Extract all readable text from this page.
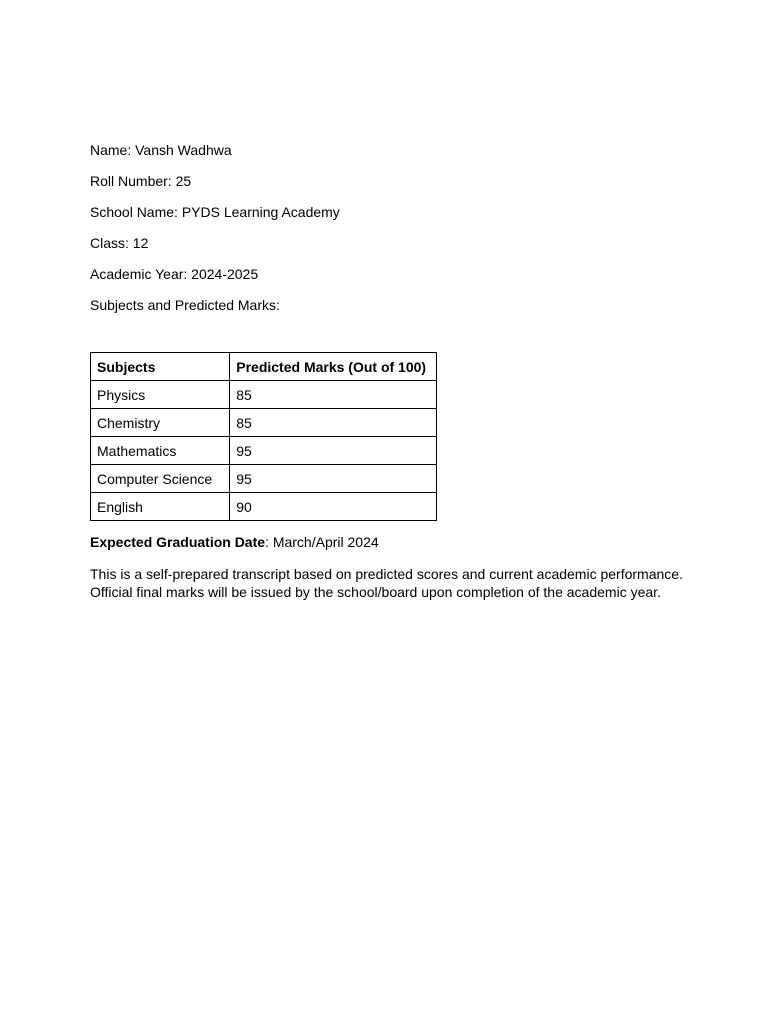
Name: Vansh Wadhwa

Roll Number: 25

School Name: PYDS Learning Academy

Class: 12

Academic Year: 2024-2025

Subjects and Predicted Marks:

Subjects	Predicted Marks (Out of 100)
Physics	85
Chemistry	85
Mathematics	95
Computer Science	95
English	90

Expected Graduation Date: March/April 2024

This is a self-prepared transcript based on predicted scores and current academic performance.
Official final marks will be issued by the school/board upon completion of the academic year.
